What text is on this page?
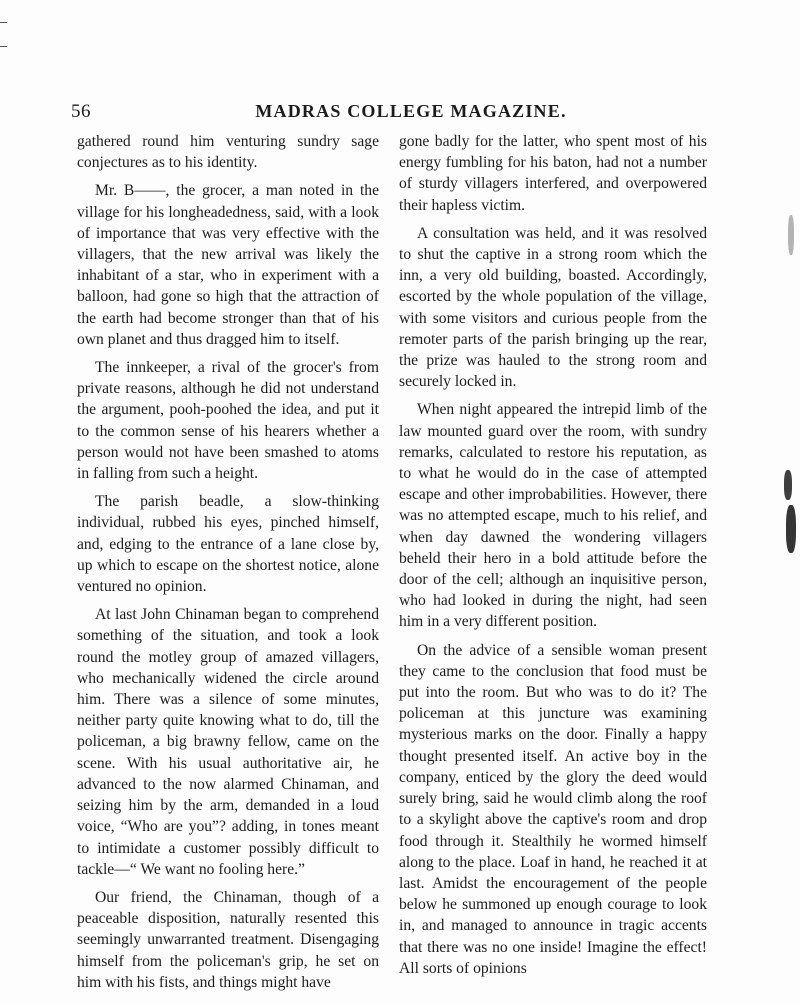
56	MADRAS COLLEGE MAGAZINE.

gathered round him venturing sundry sage conjectures as to his identity.

Mr. B——, the grocer, a man noted in the village for his longheadedness, said, with a look of importance that was very effective with the villagers, that the new arrival was likely the inhabitant of a star, who in experiment with a balloon, had gone so high that the attraction of the earth had become stronger than that of his own planet and thus dragged him to itself.

The innkeeper, a rival of the grocer's from private reasons, although he did not understand the argument, pooh-poohed the idea, and put it to the common sense of his hearers whether a person would not have been smashed to atoms in falling from such a height.

The parish beadle, a slow-thinking individual, rubbed his eyes, pinched himself, and, edging to the entrance of a lane close by, up which to escape on the shortest notice, alone ventured no opinion.

At last John Chinaman began to comprehend something of the situation, and took a look round the motley group of amazed villagers, who mechanically widened the circle around him. There was a silence of some minutes, neither party quite knowing what to do, till the policeman, a big brawny fellow, came on the scene. With his usual authoritative air, he advanced to the now alarmed Chinaman, and seizing him by the arm, demanded in a loud voice, “Who are you”? adding, in tones meant to intimidate a customer possibly difficult to tackle—“ We want no fooling here.”

Our friend, the Chinaman, though of a peaceable disposition, naturally resented this seemingly unwarranted treatment. Disengaging himself from the policeman's grip, he set on him with his fists, and things might have

gone badly for the latter, who spent most of his energy fumbling for his baton, had not a number of sturdy villagers interfered, and overpowered their hapless victim.

A consultation was held, and it was resolved to shut the captive in a strong room which the inn, a very old building, boasted. Accordingly, escorted by the whole population of the village, with some visitors and curious people from the remoter parts of the parish bringing up the rear, the prize was hauled to the strong room and securely locked in.

When night appeared the intrepid limb of the law mounted guard over the room, with sundry remarks, calculated to restore his reputation, as to what he would do in the case of attempted escape and other improbabilities. However, there was no attempted escape, much to his relief, and when day dawned the wondering villagers beheld their hero in a bold attitude before the door of the cell; although an inquisitive person, who had looked in during the night, had seen him in a very different position.

On the advice of a sensible woman present they came to the conclusion that food must be put into the room. But who was to do it? The policeman at this juncture was examining mysterious marks on the door. Finally a happy thought presented itself. An active boy in the company, enticed by the glory the deed would surely bring, said he would climb along the roof to a skylight above the captive's room and drop food through it. Stealthily he wormed himself along to the place. Loaf in hand, he reached it at last. Amidst the encouragement of the people below he summoned up enough courage to look in, and managed to announce in tragic accents that there was no one inside! Imagine the effect! All sorts of opinions
